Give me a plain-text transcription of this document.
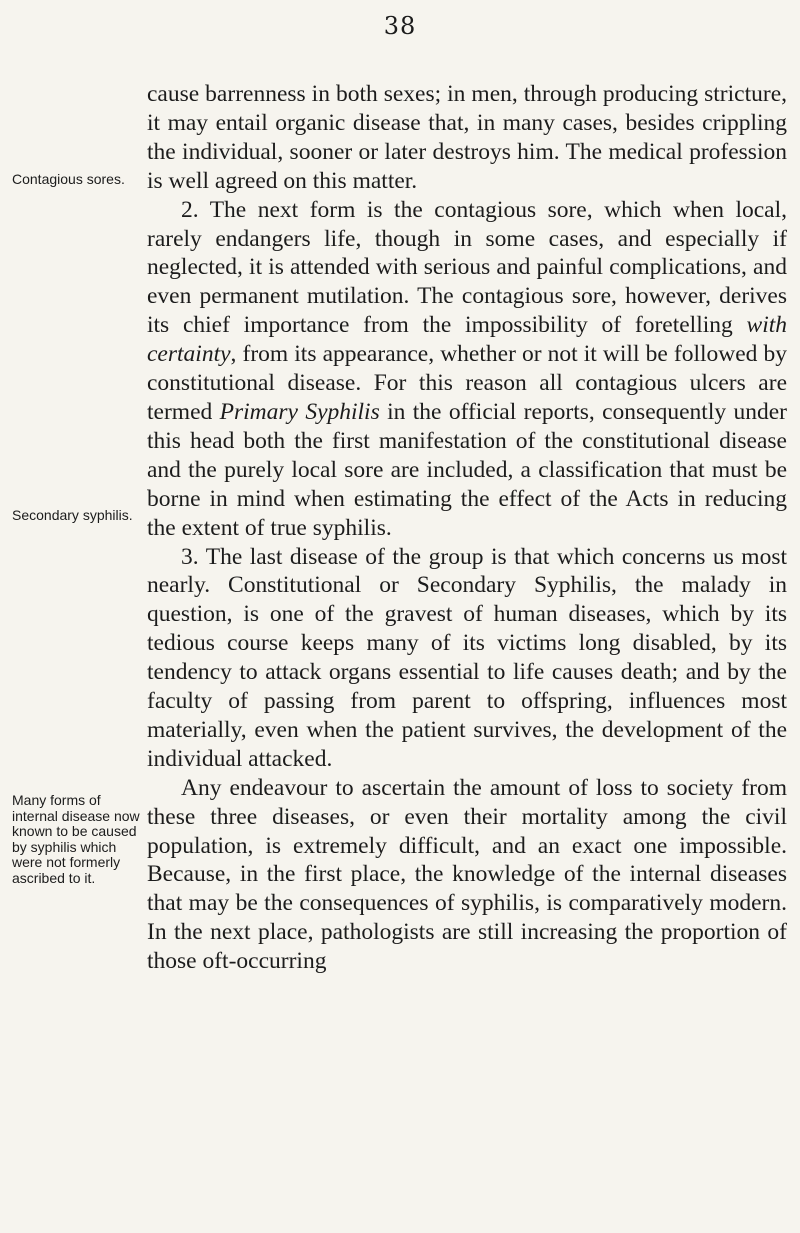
38
Contagious sores.
Secondary syphilis.
Many forms of internal disease now known to be caused by syphilis which were not formerly ascribed to it.

cause barrenness in both sexes; in men, through producing stricture, it may entail organic disease that, in many cases, besides crippling the individual, sooner or later destroys him. The medical profession is well agreed on this matter.

2. The next form is the contagious sore, which when local, rarely endangers life, though in some cases, and especially if neglected, it is attended with serious and painful complications, and even permanent mutilation. The contagious sore, however, derives its chief importance from the impossibility of foretelling with certainty, from its appearance, whether or not it will be followed by constitutional disease. For this reason all contagious ulcers are termed Primary Syphilis in the official reports, consequently under this head both the first manifestation of the constitutional disease and the purely local sore are included, a classification that must be borne in mind when estimating the effect of the Acts in reducing the extent of true syphilis.

3. The last disease of the group is that which concerns us most nearly. Constitutional or Secondary Syphilis, the malady in question, is one of the gravest of human diseases, which by its tedious course keeps many of its victims long disabled, by its tendency to attack organs essential to life causes death; and by the faculty of passing from parent to offspring, influences most materially, even when the patient survives, the development of the individual attacked.

Any endeavour to ascertain the amount of loss to society from these three diseases, or even their mortality among the civil population, is extremely difficult, and an exact one impossible. Because, in the first place, the knowledge of the internal diseases that may be the consequences of syphilis, is comparatively modern. In the next place, pathologists are still increasing the proportion of those oft-occurring
